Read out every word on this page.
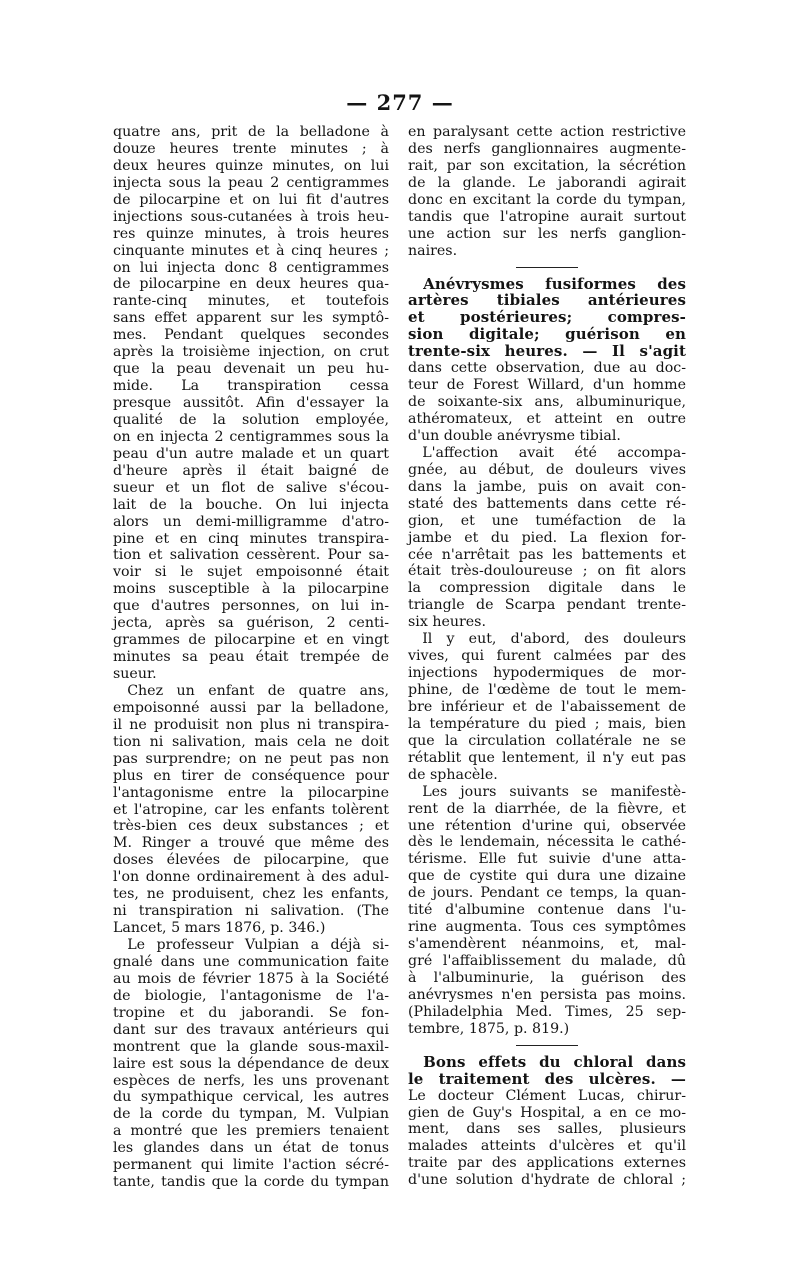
— 277 —
quatre ans, prit de la belladone à
douze heures trente minutes ; à
deux heures quinze minutes, on lui
injecta sous la peau 2 centigrammes
de pilocarpine et on lui fit d'autres
injections sous-cutanées à trois heu-
res quinze minutes, à trois heures
cinquante minutes et à cinq heures ;
on lui injecta donc 8 centigrammes
de pilocarpine en deux heures qua-
rante-cinq minutes, et toutefois
sans effet apparent sur les symptô-
mes. Pendant quelques secondes
après la troisième injection, on crut
que la peau devenait un peu hu-
mide. La transpiration cessa
presque aussitôt. Afin d'essayer la
qualité de la solution employée,
on en injecta 2 centigrammes sous la
peau d'un autre malade et un quart
d'heure après il était baigné de
sueur et un flot de salive s'écou-
lait de la bouche. On lui injecta
alors un demi-milligramme d'atro-
pine et en cinq minutes transpira-
tion et salivation cessèrent. Pour sa-
voir si le sujet empoisonné était
moins susceptible à la pilocarpine
que d'autres personnes, on lui in-
jecta, après sa guérison, 2 centi-
grammes de pilocarpine et en vingt
minutes sa peau était trempée de
sueur.
 Chez un enfant de quatre ans,
empoisonné aussi par la belladone,
il ne produisit non plus ni transpira-
tion ni salivation, mais cela ne doit
pas surprendre; on ne peut pas non
plus en tirer de conséquence pour
l'antagonisme entre la pilocarpine
et l'atropine, car les enfants tolèrent
très-bien ces deux substances ; et
M. Ringer a trouvé que même des
doses élevées de pilocarpine, que
l'on donne ordinairement à des adul-
tes, ne produisent, chez les enfants,
ni transpiration ni salivation. (The
Lancet, 5 mars 1876, p. 346.)
 Le professeur Vulpian a déjà si-
gnalé dans une communication faite
au mois de février 1875 à la Société
de biologie, l'antagonisme de l'a-
tropine et du jaborandi. Se fon-
dant sur des travaux antérieurs qui
montrent que la glande sous-maxil-
laire est sous la dépendance de deux
espèces de nerfs, les uns provenant
du sympathique cervical, les autres
de la corde du tympan, M. Vulpian
a montré que les premiers tenaient
les glandes dans un état de tonus
permanent qui limite l'action sécré-
tante, tandis que la corde du tympan
en paralysant cette action restrictive
des nerfs ganglionnaires augmente-
rait, par son excitation, la sécrétion
de la glande. Le jaborandi agirait
donc en excitant la corde du tympan,
tandis que l'atropine aurait surtout
une action sur les nerfs ganglion-
naires.
 Anévrysmes fusiformes des
artères tibiales antérieures
et postérieures; compres-
sion digitale; guérison en
trente-six heures. — Il s'agit
dans cette observation, due au doc-
teur de Forest Willard, d'un homme
de soixante-six ans, albuminurique,
athéromateux, et atteint en outre
d'un double anévrysme tibial.
 L'affection avait été accompa-
gnée, au début, de douleurs vives
dans la jambe, puis on avait con-
staté des battements dans cette ré-
gion, et une tuméfaction de la
jambe et du pied. La flexion for-
cée n'arrêtait pas les battements et
était très-douloureuse ; on fit alors
la compression digitale dans le
triangle de Scarpa pendant trente-
six heures.
 Il y eut, d'abord, des douleurs
vives, qui furent calmées par des
injections hypodermiques de mor-
phine, de l'œdème de tout le mem-
bre inférieur et de l'abaissement de
la température du pied ; mais, bien
que la circulation collatérale ne se
rétablit que lentement, il n'y eut pas
de sphacèle.
 Les jours suivants se manifestè-
rent de la diarrhée, de la fièvre, et
une rétention d'urine qui, observée
dès le lendemain, nécessita le cathé-
térisme. Elle fut suivie d'une atta-
que de cystite qui dura une dizaine
de jours. Pendant ce temps, la quan-
tité d'albumine contenue dans l'u-
rine augmenta. Tous ces symptômes
s'amendèrent néanmoins, et, mal-
gré l'affaiblissement du malade, dû
à l'albuminurie, la guérison des
anévrysmes n'en persista pas moins.
(Philadelphia Med. Times, 25 sep-
tembre, 1875, p. 819.)
 Bons effets du chloral dans
le traitement des ulcères. —
Le docteur Clément Lucas, chirur-
gien de Guy's Hospital, a en ce mo-
ment, dans ses salles, plusieurs
malades atteints d'ulcères et qu'il
traite par des applications externes
d'une solution d'hydrate de chloral ;
